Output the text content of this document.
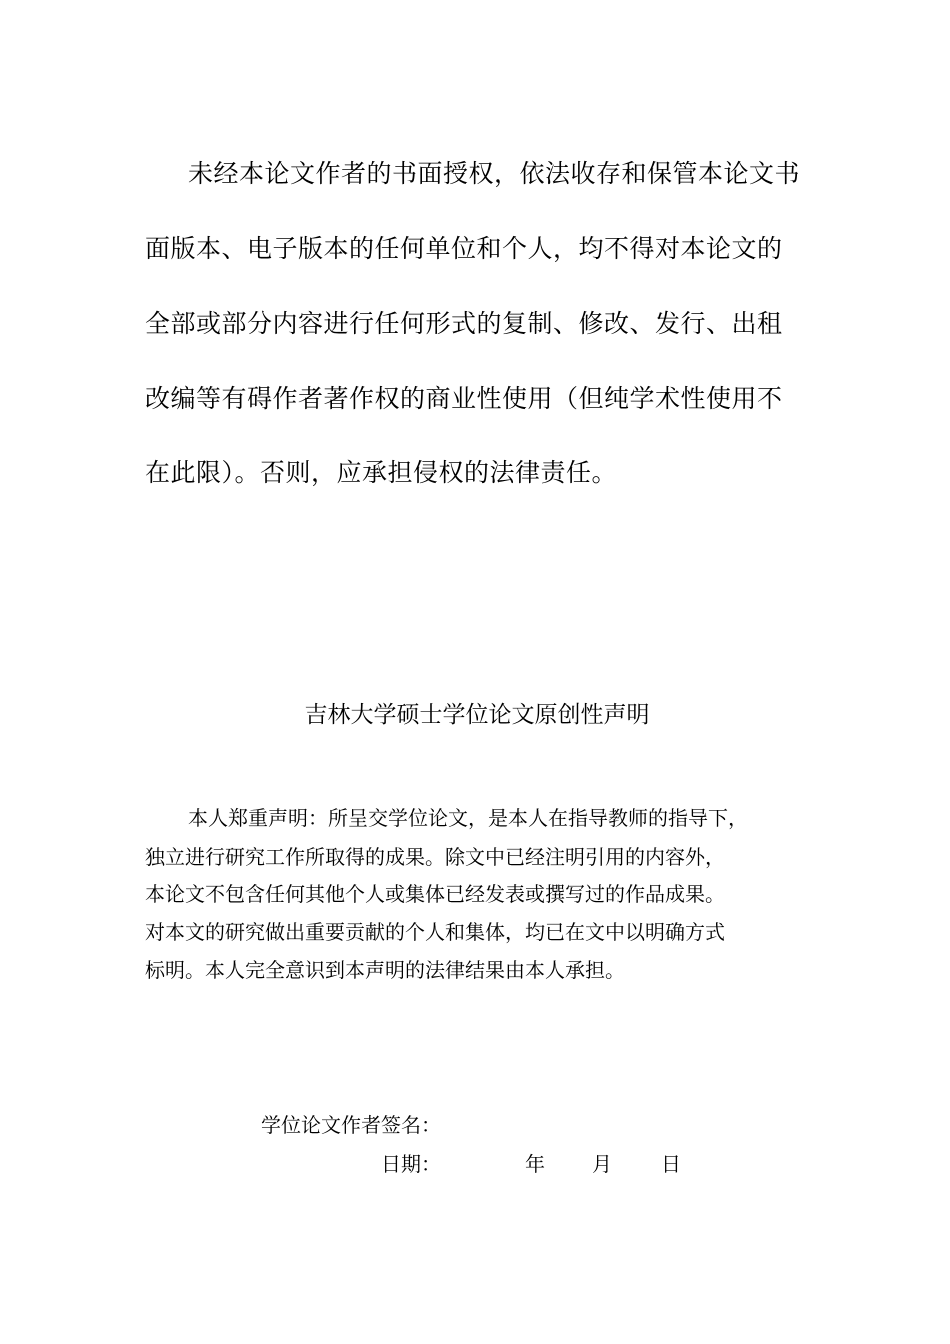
未经本论文作者的书面授权，依法收存和保管本论文书
面版本、电子版本的任何单位和个人，均不得对本论文的
全部或部分内容进行任何形式的复制、修改、发行、出租
改编等有碍作者著作权的商业性使用（但纯学术性使用不
在此限）。否则，应承担侵权的法律责任。
吉林大学硕士学位论文原创性声明
本人郑重声明：所呈交学位论文，是本人在指导教师的指导下，
独立进行研究工作所取得的成果。除文中已经注明引用的内容外，
本论文不包含任何其他个人或集体已经发表或撰写过的作品成果。
对本文的研究做出重要贡献的个人和集体，均已在文中以明确方式
标明。本人完全意识到本声明的法律结果由本人承担。
学位论文作者签名：
日期：	年 月 日
